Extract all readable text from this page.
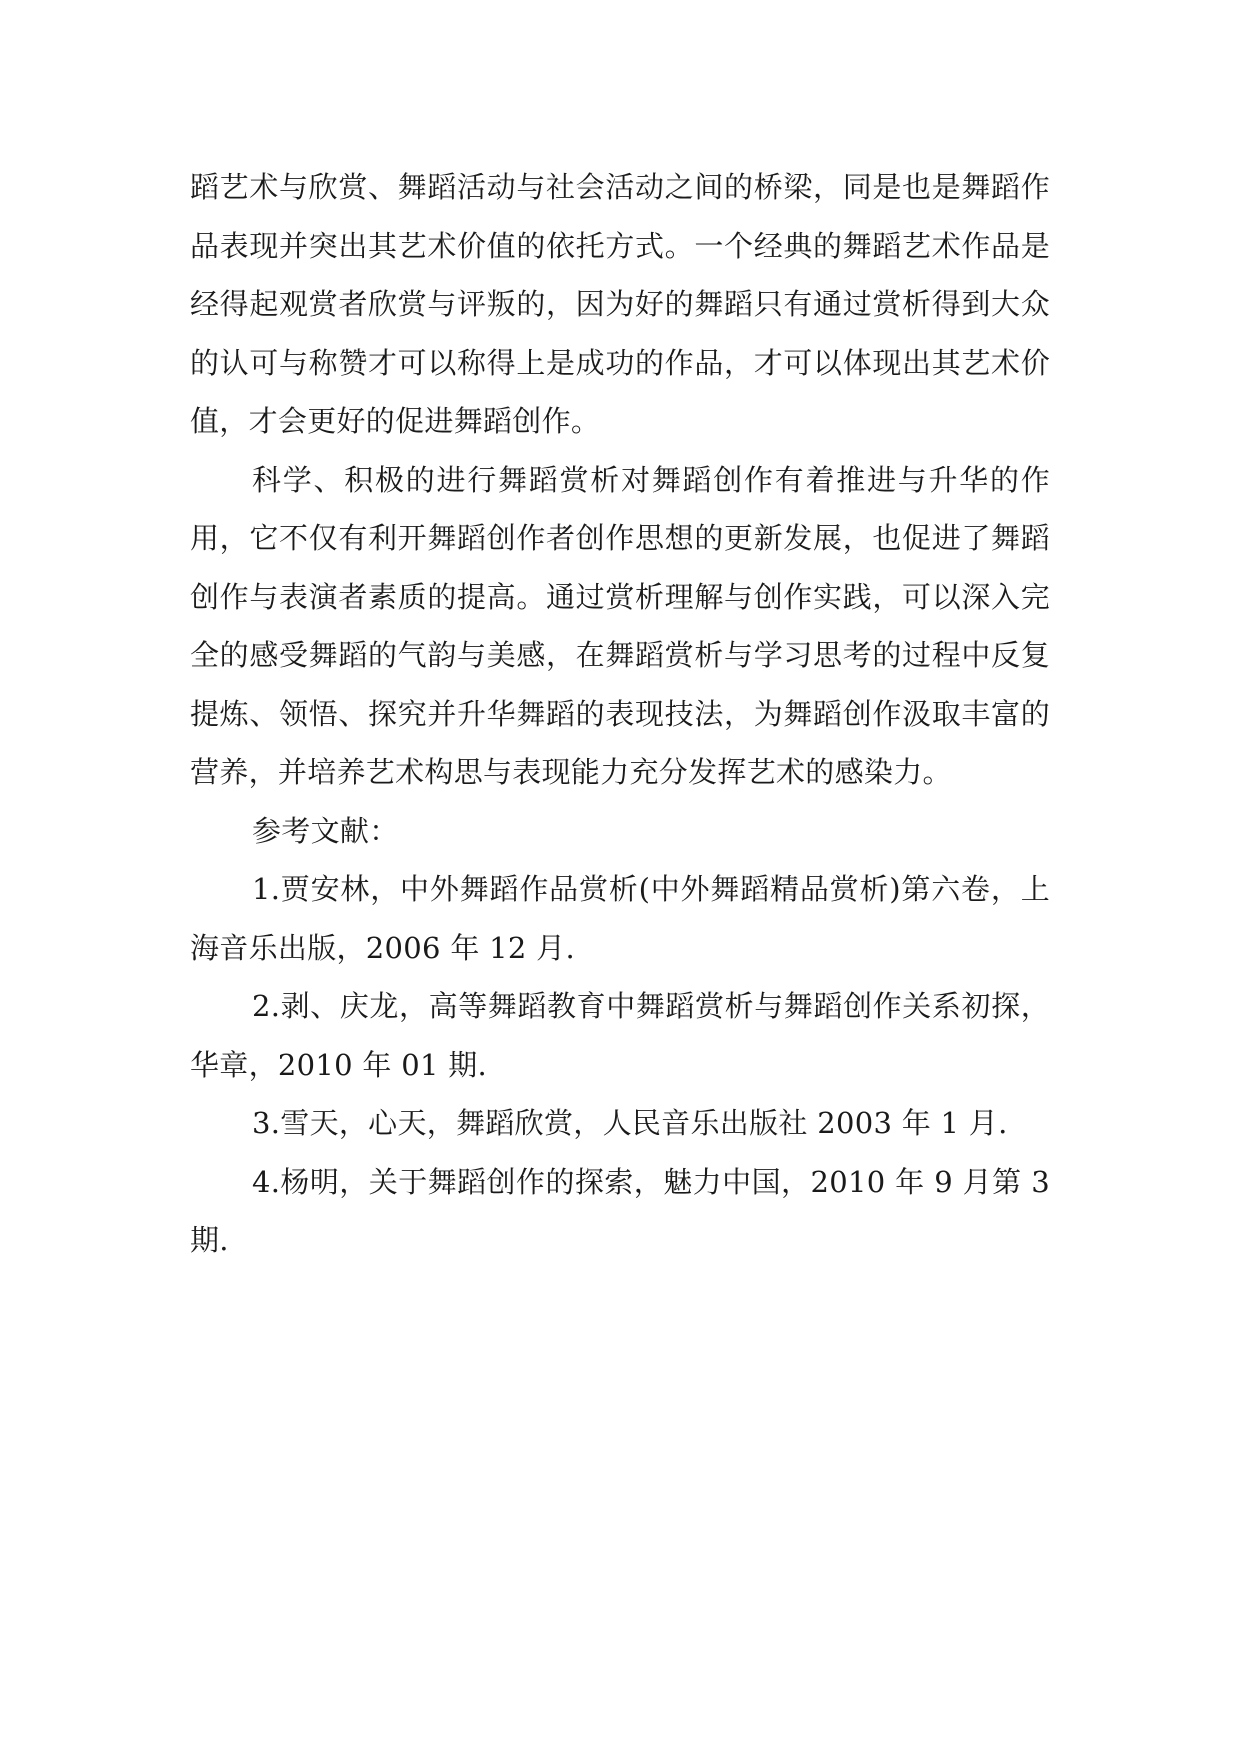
蹈艺术与欣赏、舞蹈活动与社会活动之间的桥梁，同是也是舞蹈作品表现并突出其艺术价值的依托方式。一个经典的舞蹈艺术作品是经得起观赏者欣赏与评叛的，因为好的舞蹈只有通过赏析得到大众的认可与称赞才可以称得上是成功的作品，才可以体现出其艺术价值，才会更好的促进舞蹈创作。

科学、积极的进行舞蹈赏析对舞蹈创作有着推进与升华的作用，它不仅有利开舞蹈创作者创作思想的更新发展，也促进了舞蹈创作与表演者素质的提高。通过赏析理解与创作实践，可以深入完全的感受舞蹈的气韵与美感，在舞蹈赏析与学习思考的过程中反复提炼、领悟、探究并升华舞蹈的表现技法，为舞蹈创作汲取丰富的营养，并培养艺术构思与表现能力充分发挥艺术的感染力。

参考文献：

1.贾安林，中外舞蹈作品赏析(中外舞蹈精品赏析)第六卷，上海音乐出版，2006 年 12 月.

2.剥、庆龙，高等舞蹈教育中舞蹈赏析与舞蹈创作关系初探，华章，2010 年 01 期.

3.雪天，心天，舞蹈欣赏，人民音乐出版社 2003 年 1 月.

4.杨明，关于舞蹈创作的探索，魅力中国，2010 年 9 月第 3 期.
